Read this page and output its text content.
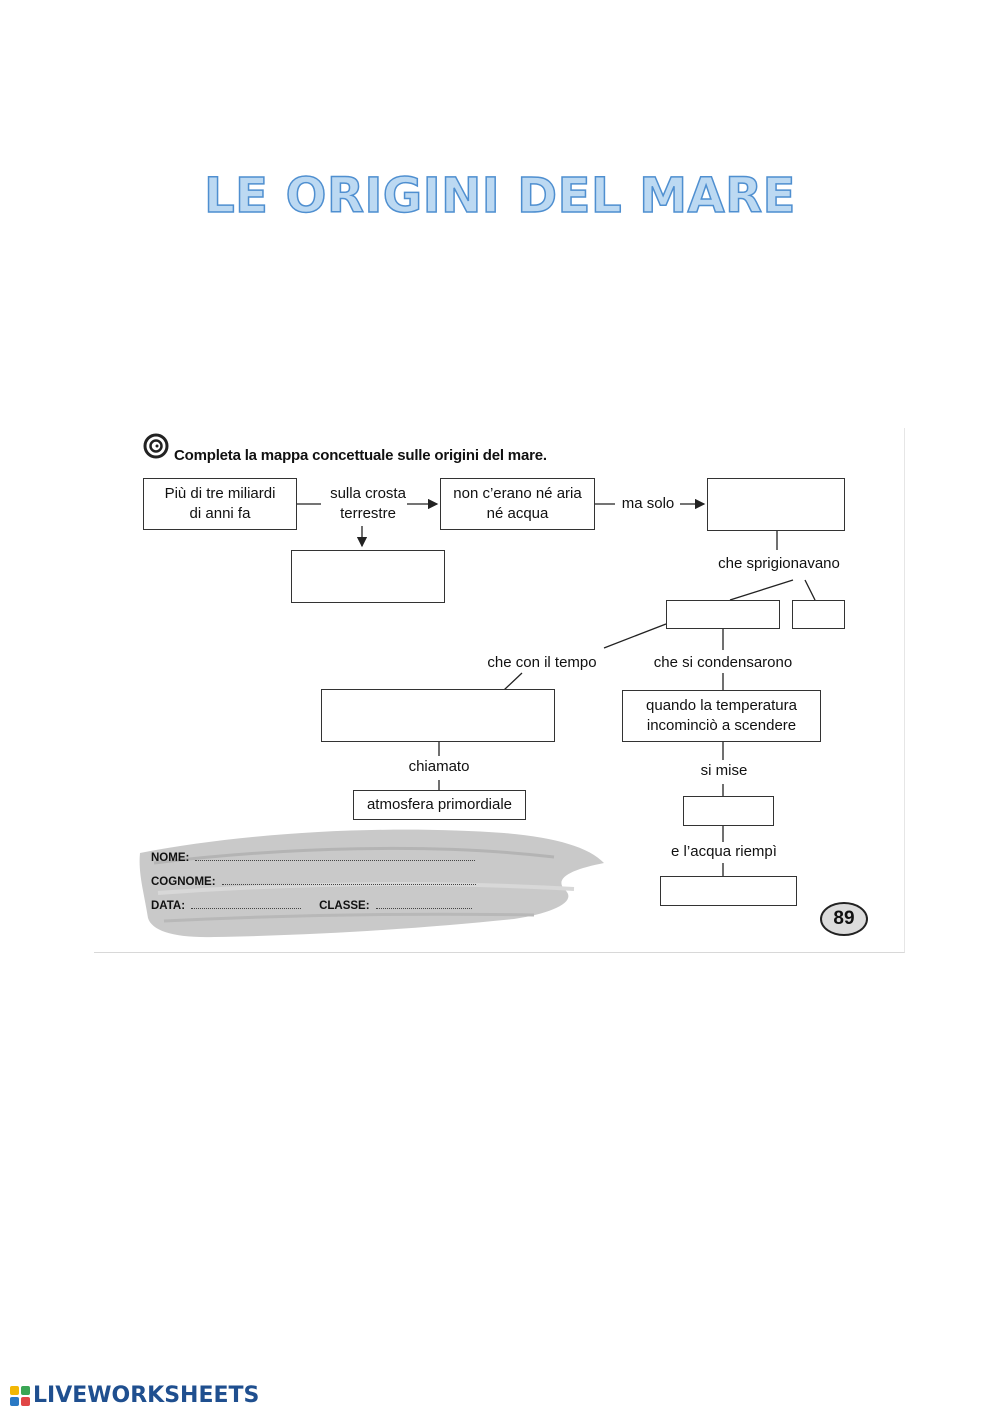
LE ORIGINI DEL MARE
Completa la mappa concettuale sulle origini del mare.
Più di tre miliardi
di anni fa
sulla crosta
terrestre
non c’erano né aria
né acqua
ma solo
che sprigionavano
che con il tempo	che si condensarono
quando la temperatura
incominciò a scendere
chiamato	si mise
atmosfera primordiale
e l’acqua riempì
NOME:
COGNOME:
DATA:	CLASSE:
89
LIVEWORKSHEETS
